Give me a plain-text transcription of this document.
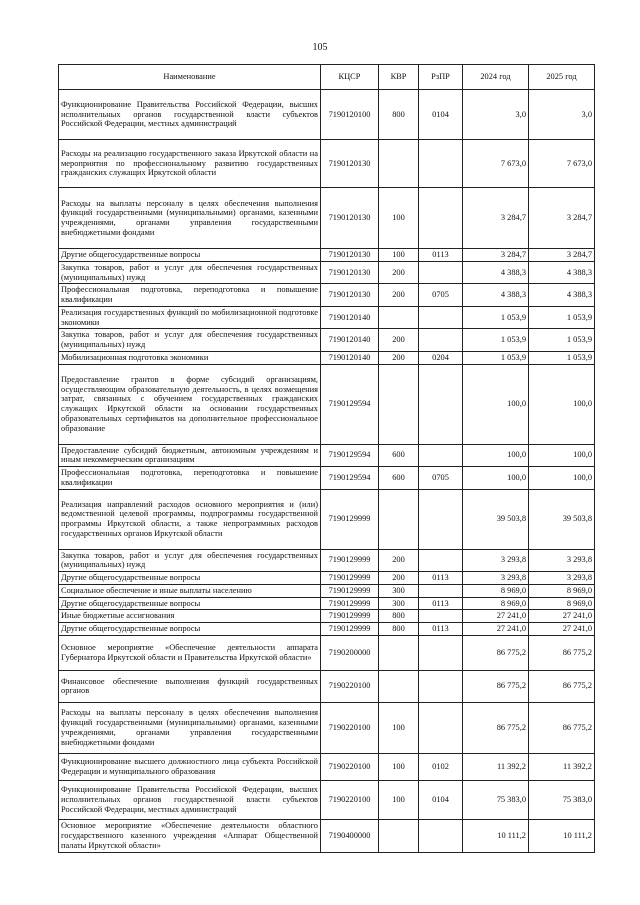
105
Наименование	КЦСР	КВР	РзПР	2024 год	2025 год
Функционирование Правительства Российской Федерации, высших исполнительных органов государственной власти субъектов Российской Федерации, местных администраций	7190120100	800	0104	3,0	3,0
Расходы на реализацию государственного заказа Иркутской области на мероприятия по профессиональному развитию государственных гражданских служащих Иркутской области	7190120130			7 673,0	7 673,0
Расходы на выплаты персоналу в целях обеспечения выполнения функций государственными (муниципальными) органами, казенными учреждениями, органами управления государственными внебюджетными фондами	7190120130	100		3 284,7	3 284,7
Другие общегосударственные вопросы	7190120130	100	0113	3 284,7	3 284,7
Закупка товаров, работ и услуг для обеспечения государственных (муниципальных) нужд	7190120130	200		4 388,3	4 388,3
Профессиональная подготовка, переподготовка и повышение квалификации	7190120130	200	0705	4 388,3	4 388,3
Реализация государственных функций по мобилизационной подготовке экономики	7190120140			1 053,9	1 053,9
Закупка товаров, работ и услуг для обеспечения государственных (муниципальных) нужд	7190120140	200		1 053,9	1 053,9
Мобилизационная подготовка экономики	7190120140	200	0204	1 053,9	1 053,9
Предоставление грантов в форме субсидий организациям, осуществляющим образовательную деятельность, в целях возмещения затрат, связанных с обучением государственных гражданских служащих Иркутской области на основании государственных образовательных сертификатов на дополнительное профессиональное образование	7190129594			100,0	100,0
Предоставление субсидий бюджетным, автономным учреждениям и иным некоммерческим организациям	7190129594	600		100,0	100,0
Профессиональная подготовка, переподготовка и повышение квалификации	7190129594	600	0705	100,0	100,0
Реализация направлений расходов основного мероприятия и (или) ведомственной целевой программы, подпрограммы государственной программы Иркутской области, а также непрограммных расходов государственных органов Иркутской области	7190129999			39 503,8	39 503,8
Закупка товаров, работ и услуг для обеспечения государственных (муниципальных) нужд	7190129999	200		3 293,8	3 293,8
Другие общегосударственные вопросы	7190129999	200	0113	3 293,8	3 293,8
Социальное обеспечение и иные выплаты населению	7190129999	300		8 969,0	8 969,0
Другие общегосударственные вопросы	7190129999	300	0113	8 969,0	8 969,0
Иные бюджетные ассигнования	7190129999	800		27 241,0	27 241,0
Другие общегосударственные вопросы	7190129999	800	0113	27 241,0	27 241,0
Основное мероприятие «Обеспечение деятельности аппарата Губернатора Иркутской области и Правительства Иркутской области»	7190200000			86 775,2	86 775,2
Финансовое обеспечение выполнения функций государственных органов	7190220100			86 775,2	86 775,2
Расходы на выплаты персоналу в целях обеспечения выполнения функций государственными (муниципальными) органами, казенными учреждениями, органами управления государственными внебюджетными фондами	7190220100	100		86 775,2	86 775,2
Функционирование высшего должностного лица субъекта Российской Федерации и муниципального образования	7190220100	100	0102	11 392,2	11 392,2
Функционирование Правительства Российской Федерации, высших исполнительных органов государственной власти субъектов Российской Федерации, местных администраций	7190220100	100	0104	75 383,0	75 383,0
Основное мероприятие «Обеспечение деятельности областного государственного казенного учреждения «Аппарат Общественной палаты Иркутской области»	7190400000			10 111,2	10 111,2
